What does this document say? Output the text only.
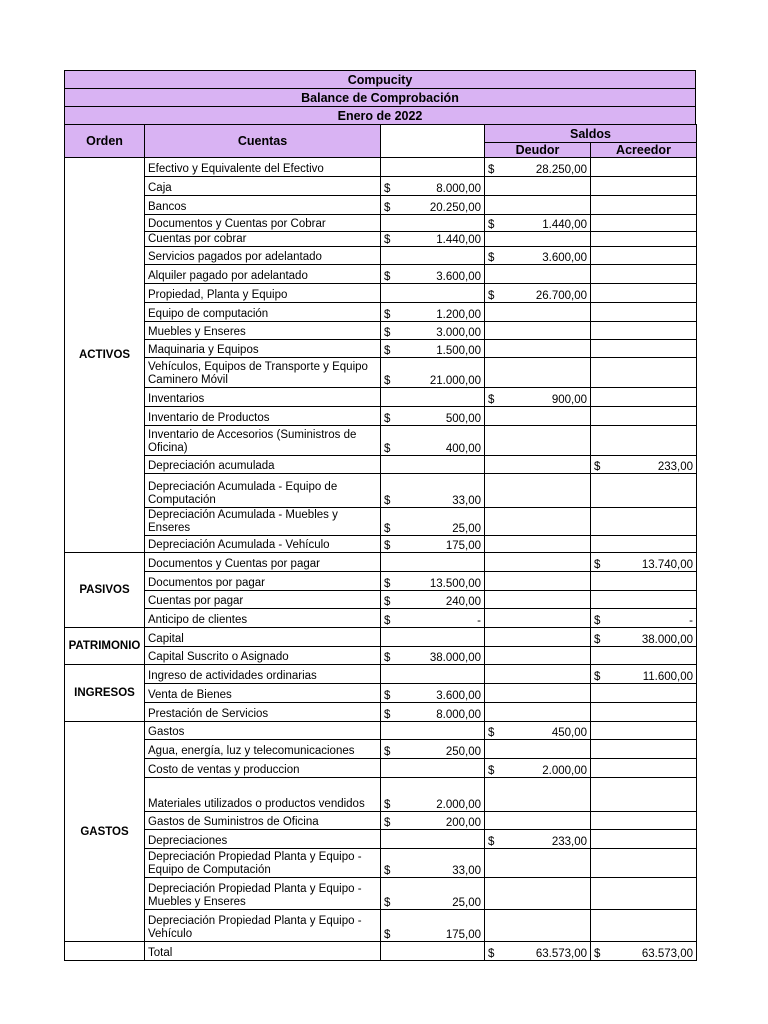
Compucity
Balance de Comprobación
Enero de 2022
Orden	Cuentas		Saldos	
			Deudor	Acreedor
ACTIVOS	Efectivo y Equivalente del Efectivo		$ 28.250,00	

	Caja	$ 8.000,00		

	Bancos	$ 20.250,00		

	Documentos y Cuentas por Cobrar		$ 1.440,00	

	Cuentas por cobrar	$ 1.440,00		

	Servicios pagados por adelantado		$ 3.600,00	

	Alquiler pagado por adelantado	$ 3.600,00		

	Propiedad, Planta y Equipo		$ 26.700,00	

	Equipo de computación	$ 1.200,00		

	Muebles y Enseres	$ 3.000,00		

	Maquinaria y Equipos	$ 1.500,00		

	Vehículos, Equipos de Transporte y Equipo Caminero Móvil	$ 21.000,00		

	Inventarios		$ 900,00	

	Inventario de Productos	$ 500,00		

	Inventario de Accesorios (Suministros de Oficina)	$ 400,00		

	Depreciación acumulada			$ 233,00

	Depreciación Acumulada - Equipo de Computación	$ 33,00		

	Depreciación Acumulada - Muebles y Enseres	$ 25,00		

	Depreciación Acumulada - Vehículo	$ 175,00		

PASIVOS	Documentos y Cuentas por pagar			$ 13.740,00

	Documentos por pagar	$ 13.500,00		

	Cuentas por pagar	$ 240,00		

	Anticipo de clientes	$ -		$ -

PATRIMONIO	Capital			$ 38.000,00

	Capital Suscrito o Asignado	$ 38.000,00		

INGRESOS	Ingreso de actividades ordinarias			$ 11.600,00

	Venta de Bienes	$ 3.600,00		

	Prestación de Servicios	$ 8.000,00		

GASTOS	Gastos		$ 450,00	

	Agua, energía, luz y telecomunicaciones	$ 250,00		

	Costo de ventas y produccion		$ 2.000,00	

	Materiales utilizados o productos vendidos	$ 2.000,00		

	Gastos de Suministros de Oficina	$ 200,00		

	Depreciaciones		$ 233,00	

	Depreciación Propiedad Planta y Equipo - Equipo de Computación	$ 33,00		

	Depreciación Propiedad Planta y Equipo - Muebles y Enseres	$ 25,00		

	Depreciación Propiedad Planta y Equipo - Vehículo	$ 175,00		

	Total		$ 63.573,00	$ 63.573,00
